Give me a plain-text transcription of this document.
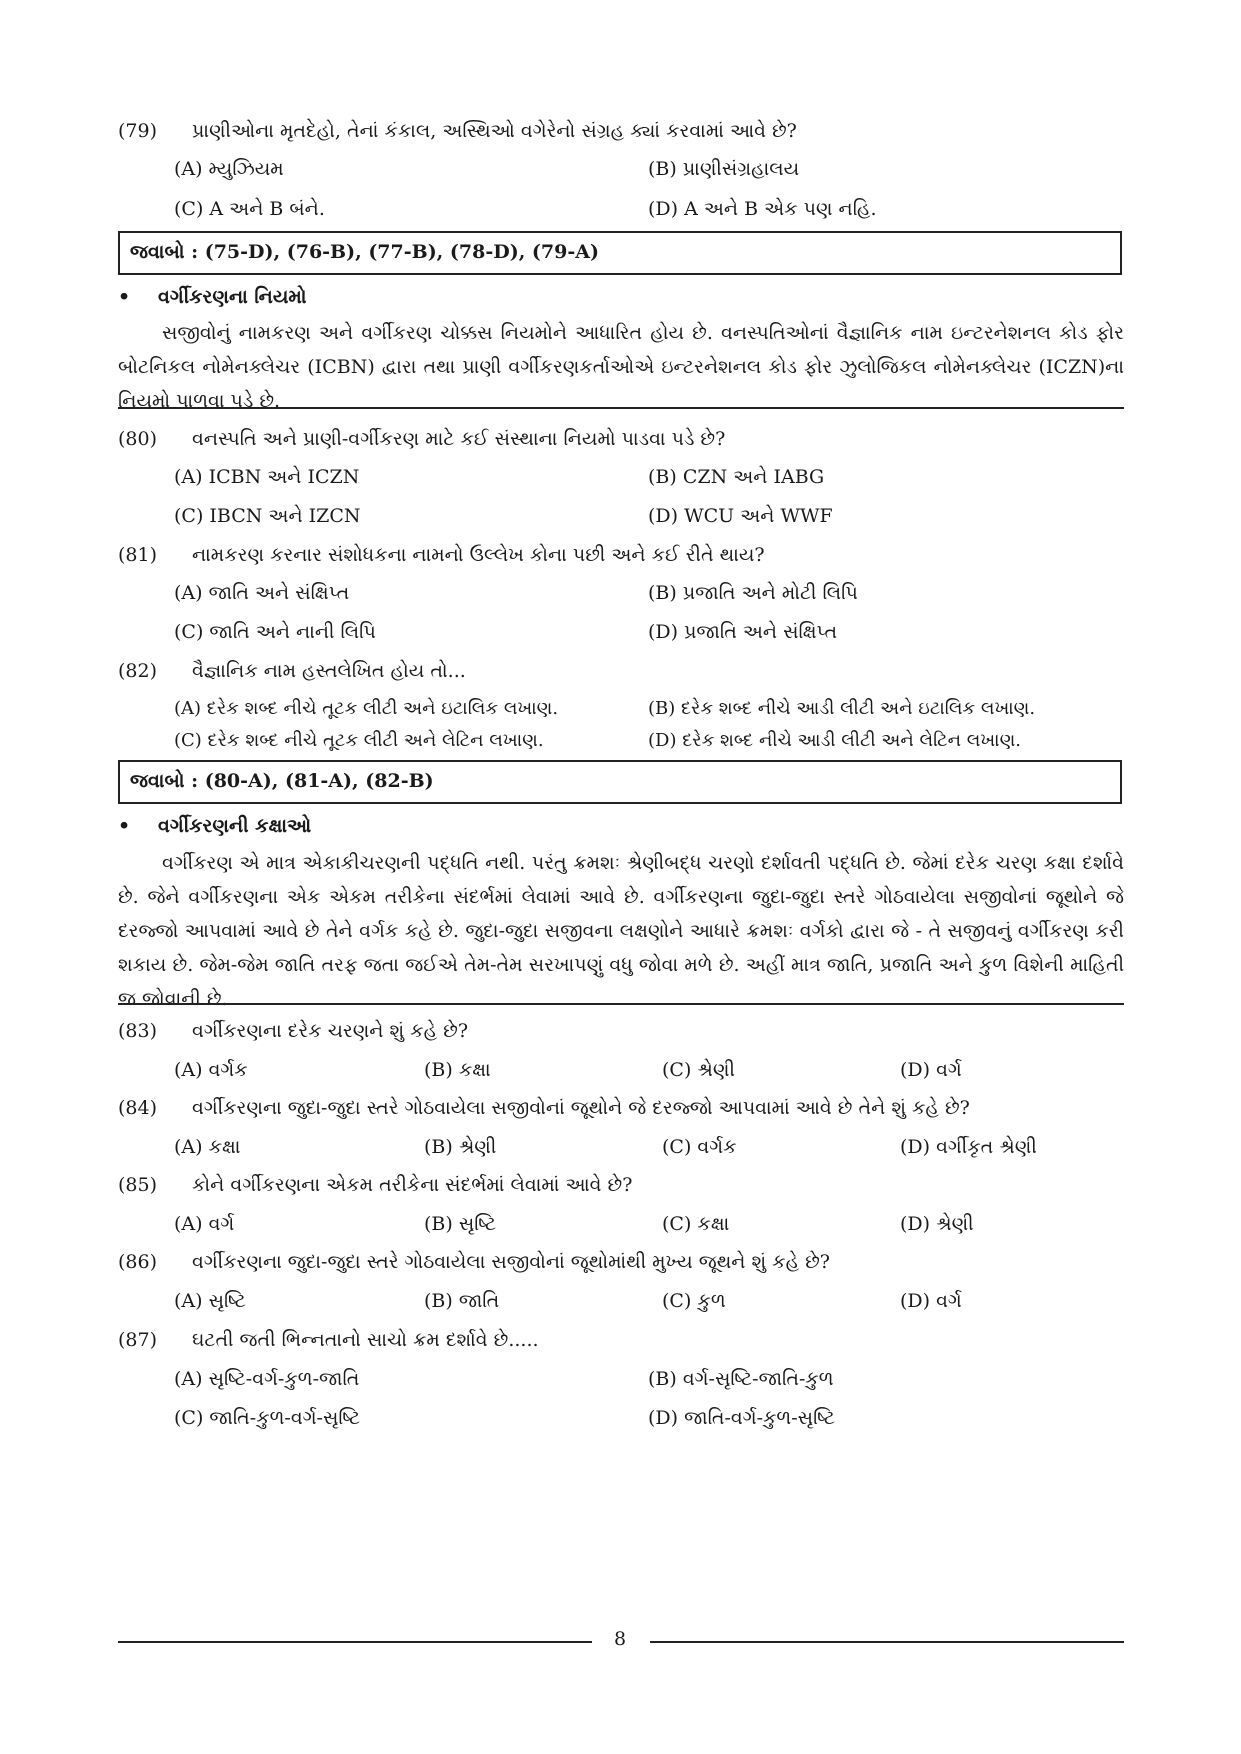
(79)	પ્રાણીઓના મૃતદેહો, તેનાં કંકાલ, અસ્થિઓ વગેરેનો સંગ્રહ ક્યાં કરવામાં આવે છે?
(A) મ્યુઝિયમ	(B) પ્રાણીસંગ્રહાલય
(C) A અને B બંને.	(D) A અને B એક પણ નહિ.
જવાબો : (75-D), (76-B), (77-B), (78-D), (79-A)
• વર્ગીકરણના નિયમો
સજીવોનું નામકરણ અને વર્ગીકરણ ચોક્કસ નિયમોને આધારિત હોય છે. વનસ્પતિઓનાં વૈજ્ઞાનિક નામ ઇન્ટરનેશનલ કોડ ફોર બોટનિકલ નોમેનક્લેચર (ICBN) દ્વારા તથા પ્રાણી વર્ગીકરણકર્તાઓએ ઇન્ટરનેશનલ કોડ ફોર ઝુલોજિકલ નોમેનક્લેચર (ICZN)ના નિયમો પાળવા પડે છે.
(80)	વનસ્પતિ અને પ્રાણી-વર્ગીકરણ માટે કઈ સંસ્થાના નિયમો પાડવા પડે છે?
(A) ICBN અને ICZN	(B) CZN અને IABG
(C) IBCN અને IZCN	(D) WCU અને WWF
(81)	નામકરણ કરનાર સંશોધકના નામનો ઉલ્લેખ કોના પછી અને કઈ રીતે થાય?
(A) જાતિ અને સંક્ષિપ્ત	(B) પ્રજાતિ અને મોટી લિપિ
(C) જાતિ અને નાની લિપિ	(D) પ્રજાતિ અને સંક્ષિપ્ત
(82)	વૈજ્ઞાનિક નામ હસ્તલેખિત હોય તો...
(A) દરેક શબ્દ નીચે તૂટક લીટી અને ઇટાલિક લખાણ.	(B) દરેક શબ્દ નીચે આડી લીટી અને ઇટાલિક લખાણ.
(C) દરેક શબ્દ નીચે તૂટક લીટી અને લેટિન લખાણ.	(D) દરેક શબ્દ નીચે આડી લીટી અને લેટિન લખાણ.
જવાબો : (80-A), (81-A), (82-B)
• વર્ગીકરણની કક્ષાઓ
વર્ગીકરણ એ માત્ર એકાકીચરણની પદ્ધતિ નથી. પરંતુ ક્રમશઃ શ્રેણીબદ્ધ ચરણો દર્શાવતી પદ્ધતિ છે. જેમાં દરેક ચરણ કક્ષા દર્શાવે છે. જેને વર્ગીકરણના એક એકમ તરીકેના સંદર્ભમાં લેવામાં આવે છે. વર્ગીકરણના જુદા-જુદા સ્તરે ગોઠવાયેલા સજીવોનાં જૂથોને જે દરજ્જો આપવામાં આવે છે તેને વર્ગક કહે છે. જુદા-જુદા સજીવના લક્ષણોને આધારે ક્રમશઃ વર્ગકો દ્વારા જે - તે સજીવનું વર્ગીકરણ કરી શકાય છે. જેમ-જેમ જાતિ તરફ જતા જઈએ તેમ-તેમ સરખાપણું વધુ જોવા મળે છે. અહીં માત્ર જાતિ, પ્રજાતિ અને કુળ વિશેની માહિતી જ જોવાની છે.
(83)	વર્ગીકરણના દરેક ચરણને શું કહે છે?
(A) વર્ગક	(B) કક્ષા	(C) શ્રેણી	(D) વર્ગ
(84)	વર્ગીકરણના જુદા-જુદા સ્તરે ગોઠવાયેલા સજીવોનાં જૂથોને જે દરજ્જો આપવામાં આવે છે તેને શું કહે છે?
(A) કક્ષા	(B) શ્રેણી	(C) વર્ગક	(D) વર્ગીકૃત શ્રેણી
(85)	કોને વર્ગીકરણના એકમ તરીકેના સંદર્ભમાં લેવામાં આવે છે?
(A) વર્ગ	(B) સૃષ્ટિ	(C) કક્ષા	(D) શ્રેણી
(86)	વર્ગીકરણના જુદા-જુદા સ્તરે ગોઠવાયેલા સજીવોનાં જૂથોમાંથી મુખ્ય જૂથને શું કહે છે?
(A) સૃષ્ટિ	(B) જાતિ	(C) કુળ	(D) વર્ગ
(87)	ઘટતી જતી ભિન્નતાનો સાચો ક્રમ દર્શાવે છે.....
(A) સૃષ્ટિ-વર્ગ-કુળ-જાતિ	(B) વર્ગ-સૃષ્ટિ-જાતિ-કુળ
(C) જાતિ-કુળ-વર્ગ-સૃષ્ટિ	(D) જાતિ-વર્ગ-કુળ-સૃષ્ટિ
8
